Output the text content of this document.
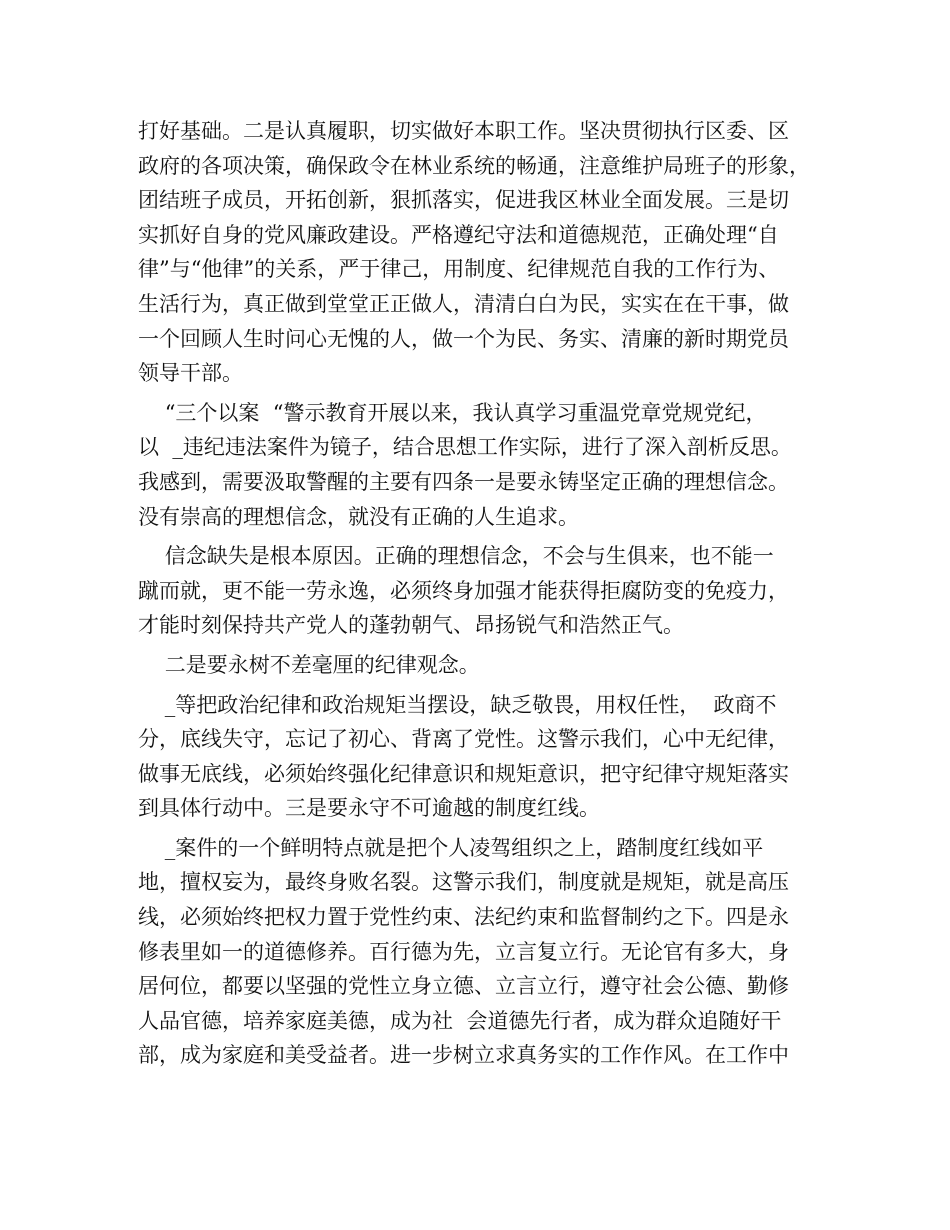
打好基础。二是认真履职，切实做好本职工作。坚决贯彻执行区委、区
政府的各项决策，确保政令在林业系统的畅通，注意维护局班子的形象，
团结班子成员，开拓创新，狠抓落实，促进我区林业全面发展。三是切
实抓好自身的党风廉政建设。严格遵纪守法和道德规范，正确处理“自
律”与“他律”的关系，严于律己，用制度、纪律规范自我的工作行为、
生活行为，真正做到堂堂正正做人，清清白白为民，实实在在干事，做
一个回顾人生时问心无愧的人，做一个为民、务实、清廉的新时期党员
领导干部。
“三个以案  “警示教育开展以来，我认真学习重温党章党规党纪，
以  _违纪违法案件为镜子，结合思想工作实际，进行了深入剖析反思。
我感到，需要汲取警醒的主要有四条一是要永铸坚定正确的理想信念。
没有崇高的理想信念，就没有正确的人生追求。
信念缺失是根本原因。正确的理想信念，不会与生俱来，也不能一
蹴而就，更不能一劳永逸，必须终身加强才能获得拒腐防变的免疫力，
才能时刻保持共产党人的蓬勃朝气、昂扬锐气和浩然正气。
二是要永树不差毫厘的纪律观念。
_等把政治纪律和政治规矩当摆设，缺乏敬畏，用权任性，  政商不
分，底线失守，忘记了初心、背离了党性。这警示我们，心中无纪律，
做事无底线，必须始终强化纪律意识和规矩意识，把守纪律守规矩落实
到具体行动中。三是要永守不可逾越的制度红线。
_案件的一个鲜明特点就是把个人凌驾组织之上，踏制度红线如平
地，擅权妄为，最终身败名裂。这警示我们，制度就是规矩，就是高压
线，必须始终把权力置于党性约束、法纪约束和监督制约之下。四是永
修表里如一的道德修养。百行德为先，立言复立行。无论官有多大，身
居何位，都要以坚强的党性立身立德、立言立行，遵守社会公德、勤修
人品官德，培养家庭美德，成为社  会道德先行者，成为群众追随好干
部，成为家庭和美受益者。进一步树立求真务实的工作作风。在工作中
